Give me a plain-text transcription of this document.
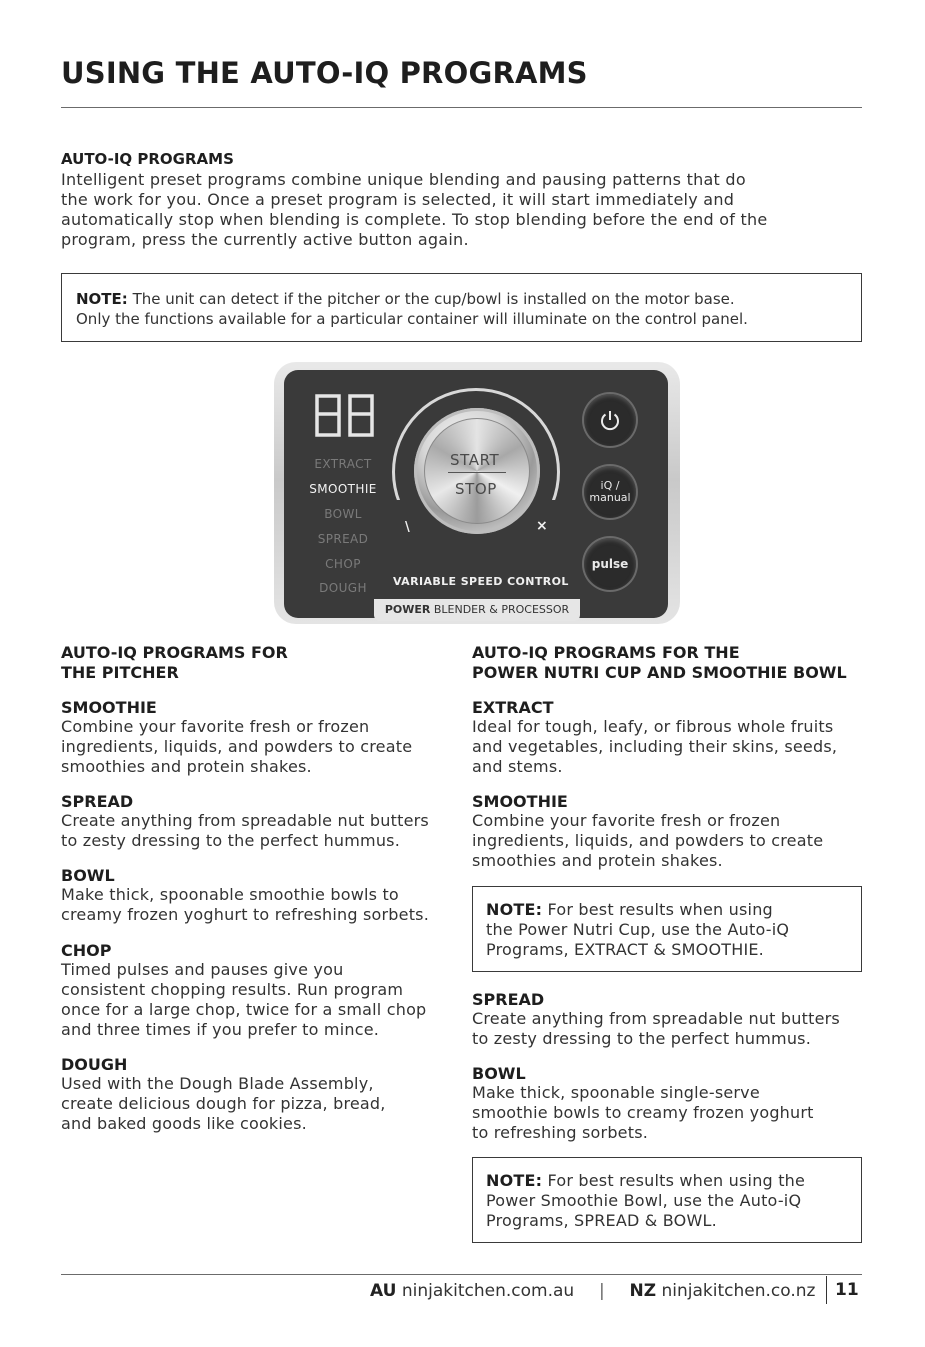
USING THE AUTO-IQ PROGRAMS
AUTO-IQ PROGRAMS

Intelligent preset programs combine unique blending and pausing patterns that do

the work for you. Once a preset program is selected, it will start immediately and

automatically stop when blending is complete. To stop blending before the end of the

program, press the currently active button again.

NOTE: The unit can detect if the pitcher or the cup/bowl is installed on the motor base.

Only the functions available for a particular container will illuminate on the control panel.

EXTRACT
SMOOTHIE
BOWL
SPREAD
CHOP
DOUGH
START
STOP
\	×
VARIABLE SPEED CONTROL
iQ /
manual
pulse
POWER BLENDER & PROCESSOR
AUTO-IQ PROGRAMS FOR
THE PITCHER
SMOOTHIE

Combine your favorite fresh or frozen

ingredients, liquids, and powders to create

smoothies and protein shakes.

SPREAD

Create anything from spreadable nut butters

to zesty dressing to the perfect hummus.

BOWL

Make thick, spoonable smoothie bowls to

creamy frozen yoghurt to refreshing sorbets.

CHOP

Timed pulses and pauses give you

consistent chopping results. Run program

once for a large chop, twice for a small chop

and three times if you prefer to mince.

DOUGH

Used with the Dough Blade Assembly,

create delicious dough for pizza, bread,

and baked goods like cookies.

AUTO-IQ PROGRAMS FOR THE
POWER NUTRI CUP AND SMOOTHIE BOWL
EXTRACT

Ideal for tough, leafy, or fibrous whole fruits

and vegetables, including their skins, seeds,

and stems.

SMOOTHIE

Combine your favorite fresh or frozen

ingredients, liquids, and powders to create

smoothies and protein shakes.

NOTE: For best results when using

the Power Nutri Cup, use the Auto-iQ

Programs, EXTRACT & SMOOTHIE.

SPREAD

Create anything from spreadable nut butters

to zesty dressing to the perfect hummus.

BOWL

Make thick, spoonable single-serve

smoothie bowls to creamy frozen yoghurt

to refreshing sorbets.

NOTE: For best results when using the

Power Smoothie Bowl, use the Auto-iQ

Programs, SPREAD & BOWL.

AU ninjakitchen.com.au | NZ ninjakitchen.co.nz 11
